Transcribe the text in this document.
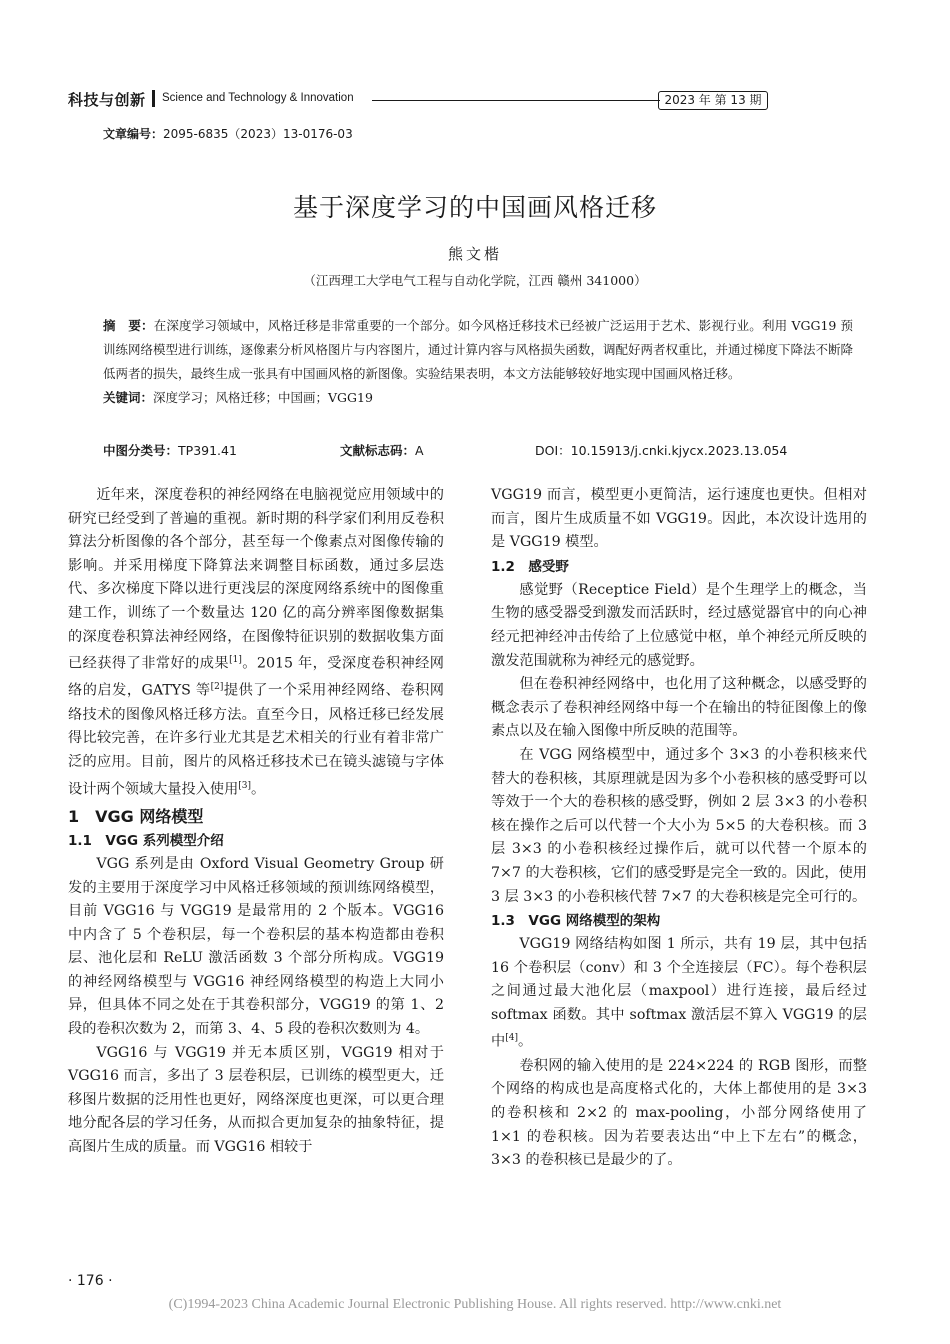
科技与创新 Science and Technology & Innovation	2023 年 第 13 期
文章编号：2095-6835（2023）13-0176-03
基于深度学习的中国画风格迁移
熊文楷
（江西理工大学电气工程与自动化学院，江西 赣州 341000）
摘　要：在深度学习领域中，风格迁移是非常重要的一个部分。如今风格迁移技术已经被广泛运用于艺术、影视行业。利用 VGG19 预训练网络模型进行训练，逐像素分析风格图片与内容图片，通过计算内容与风格损失函数，调配好两者权重比，并通过梯度下降法不断降低两者的损失，最终生成一张具有中国画风格的新图像。实验结果表明，本文方法能够较好地实现中国画风格迁移。
关键词：深度学习；风格迁移；中国画；VGG19
中图分类号：TP391.41	文献标志码：A	DOI：10.15913/j.cnki.kjycx.2023.13.054

近年来，深度卷积的神经网络在电脑视觉应用领域中的研究已经受到了普遍的重视。新时期的科学家们利用反卷积算法分析图像的各个部分，甚至每一个像素点对图像传输的影响。并采用梯度下降算法来调整目标函数，通过多层迭代、多次梯度下降以进行更浅层的深度网络系统中的图像重建工作，训练了一个数量达 120 亿的高分辨率图像数据集的深度卷积算法神经网络，在图像特征识别的数据收集方面已经获得了非常好的成果[1]。2015 年，受深度卷积神经网络的启发，GATYS 等[2]提供了一个采用神经网络、卷积网络技术的图像风格迁移方法。直至今日，风格迁移已经发展得比较完善，在许多行业尤其是艺术相关的行业有着非常广泛的应用。目前，图片的风格迁移技术已在镜头滤镜与字体设计两个领域大量投入使用[3]。

1　VGG 网络模型
1.1　VGG 系列模型介绍

VGG 系列是由 Oxford Visual Geometry Group 研发的主要用于深度学习中风格迁移领域的预训练网络模型，目前 VGG16 与 VGG19 是最常用的 2 个版本。VGG16 中内含了 5 个卷积层，每一个卷积层的基本构造都由卷积层、池化层和 ReLU 激活函数 3 个部分所构成。VGG19 的神经网络模型与 VGG16 神经网络模型的构造上大同小异，但具体不同之处在于其卷积部分，VGG19 的第 1、2 段的卷积次数为 2，而第 3、4、5 段的卷积次数则为 4。

VGG16 与 VGG19 并无本质区别，VGG19 相对于 VGG16 而言，多出了 3 层卷积层，已训练的模型更大，迁移图片数据的泛用性也更好，网络深度也更深，可以更合理地分配各层的学习任务，从而拟合更加复杂的抽象特征，提高图片生成的质量。而 VGG16 相较于

VGG19 而言，模型更小更简洁，运行速度也更快。但相对而言，图片生成质量不如 VGG19。因此，本次设计选用的是 VGG19 模型。

1.2　感受野

感觉野（Receptice Field）是个生理学上的概念，当生物的感受器受到激发而活跃时，经过感觉器官中的向心神经元把神经冲击传给了上位感觉中枢，单个神经元所反映的激发范围就称为神经元的感觉野。

但在卷积神经网络中，也化用了这种概念，以感受野的概念表示了卷积神经网络中每一个在输出的特征图像上的像素点以及在输入图像中所反映的范围等。

在 VGG 网络模型中，通过多个 3×3 的小卷积核来代替大的卷积核，其原理就是因为多个小卷积核的感受野可以等效于一个大的卷积核的感受野，例如 2 层 3×3 的小卷积核在操作之后可以代替一个大小为 5×5 的大卷积核。而 3 层 3×3 的小卷积核经过操作后，就可以代替一个原本的 7×7 的大卷积核，它们的感受野是完全一致的。因此，使用 3 层 3×3 的小卷积核代替 7×7 的大卷积核是完全可行的。

1.3　VGG 网络模型的架构

VGG19 网络结构如图 1 所示，共有 19 层，其中包括 16 个卷积层（conv）和 3 个全连接层（FC）。每个卷积层之间通过最大池化层（maxpool）进行连接，最后经过 softmax 函数。其中 softmax 激活层不算入 VGG19 的层中[4]。

卷积网的输入使用的是 224×224 的 RGB 图形，而整个网络的构成也是高度格式化的，大体上都使用的是 3×3 的卷积核和 2×2 的 max-pooling，小部分网络使用了 1×1 的卷积核。因为若要表达出“中上下左右”的概念，3×3 的卷积核已是最少的了。

· 176 ·
(C)1994-2023 China Academic Journal Electronic Publishing House. All rights reserved. http://www.cnki.net
